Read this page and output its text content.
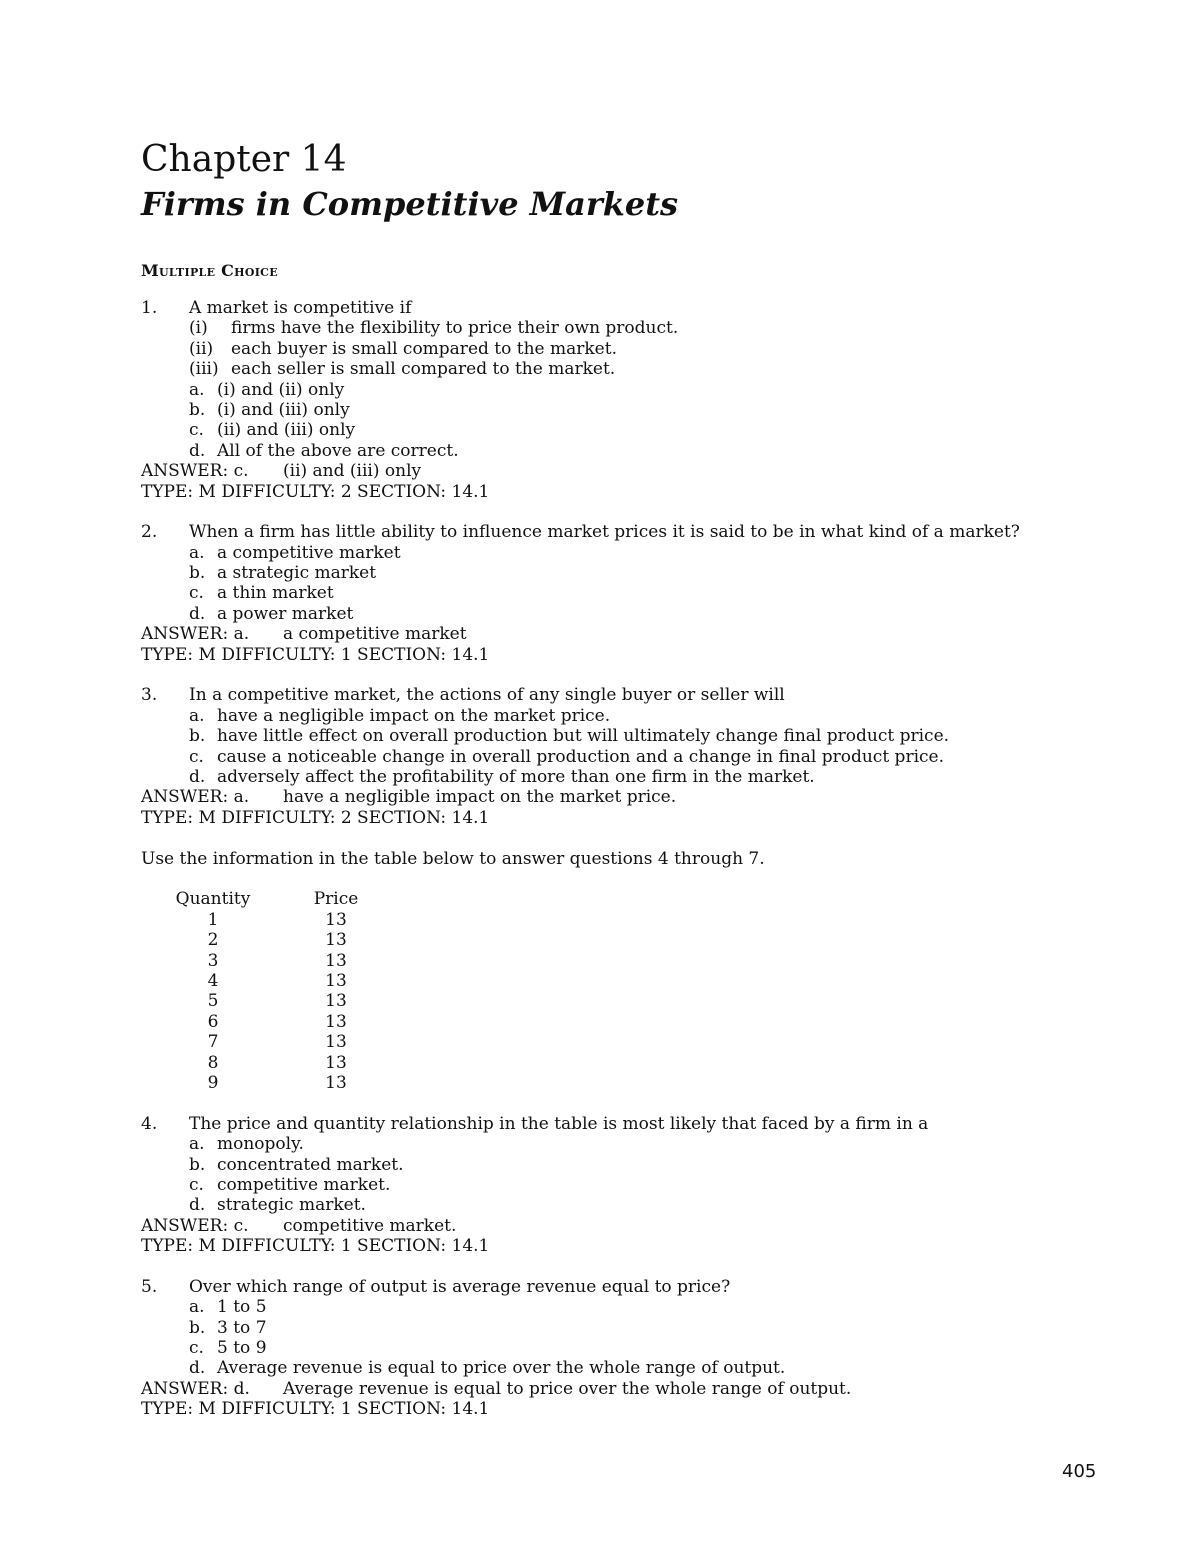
Chapter 14
Firms in Competitive Markets
Multiple Choice
1. A market is competitive if
(i) firms have the flexibility to price their own product.
(ii) each buyer is small compared to the market.
(iii) each seller is small compared to the market.
a. (i) and (ii) only
b. (i) and (iii) only
c. (ii) and (iii) only
d. All of the above are correct.
ANSWER: c. (ii) and (iii) only
TYPE: M DIFFICULTY: 2 SECTION: 14.1
2. When a firm has little ability to influence market prices it is said to be in what kind of a market?
a. a competitive market
b. a strategic market
c. a thin market
d. a power market
ANSWER: a. a competitive market
TYPE: M DIFFICULTY: 1 SECTION: 14.1
3. In a competitive market, the actions of any single buyer or seller will
a. have a negligible impact on the market price.
b. have little effect on overall production but will ultimately change final product price.
c. cause a noticeable change in overall production and a change in final product price.
d. adversely affect the profitability of more than one firm in the market.
ANSWER: a. have a negligible impact on the market price.
TYPE: M DIFFICULTY: 2 SECTION: 14.1
Use the information in the table below to answer questions 4 through 7.
Quantity		Price
1		13
2		13
3		13
4		13
5		13
6		13
7		13
8		13
9		13
4. The price and quantity relationship in the table is most likely that faced by a firm in a
a. monopoly.
b. concentrated market.
c. competitive market.
d. strategic market.
ANSWER: c. competitive market.
TYPE: M DIFFICULTY: 1 SECTION: 14.1
5. Over which range of output is average revenue equal to price?
a. 1 to 5
b. 3 to 7
c. 5 to 9
d. Average revenue is equal to price over the whole range of output.
ANSWER: d. Average revenue is equal to price over the whole range of output.
TYPE: M DIFFICULTY: 1 SECTION: 14.1
405
